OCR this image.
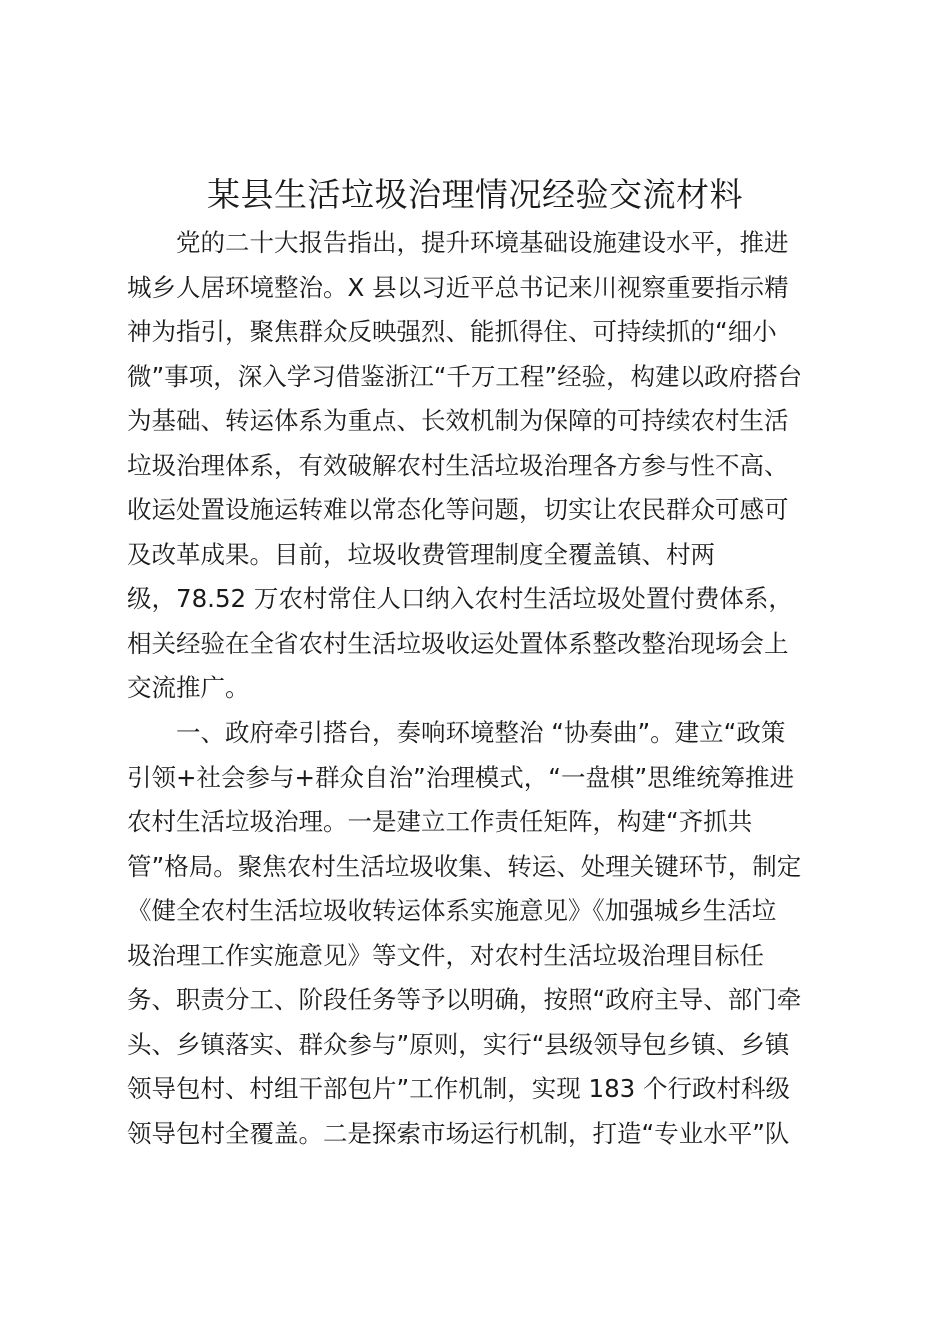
某县生活垃圾治理情况经验交流材料

党的二十大报告指出，提升环境基础设施建设水平，推进
城乡人居环境整治。X 县以习近平总书记来川视察重要指示精
神为指引，聚焦群众反映强烈、能抓得住、可持续抓的“细小
微”事项，深入学习借鉴浙江“千万工程”经验，构建以政府搭台
为基础、转运体系为重点、长效机制为保障的可持续农村生活
垃圾治理体系，有效破解农村生活垃圾治理各方参与性不高、
收运处置设施运转难以常态化等问题，切实让农民群众可感可
及改革成果。目前，垃圾收费管理制度全覆盖镇、村两
级，78.52 万农村常住人口纳入农村生活垃圾处置付费体系，
相关经验在全省农村生活垃圾收运处置体系整改整治现场会上
交流推广。

一、政府牵引搭台，奏响环境整治 “协奏曲”。建立“政策
引领+社会参与+群众自治”治理模式，“一盘棋”思维统筹推进
农村生活垃圾治理。一是建立工作责任矩阵，构建“齐抓共
管”格局。聚焦农村生活垃圾收集、转运、处理关键环节，制定
《健全农村生活垃圾收转运体系实施意见》《加强城乡生活垃
圾治理工作实施意见》等文件，对农村生活垃圾治理目标任
务、职责分工、阶段任务等予以明确，按照“政府主导、部门牵
头、乡镇落实、群众参与”原则，实行“县级领导包乡镇、乡镇
领导包村、村组干部包片”工作机制，实现 183 个行政村科级
领导包村全覆盖。二是探索市场运行机制，打造“专业水平”队
